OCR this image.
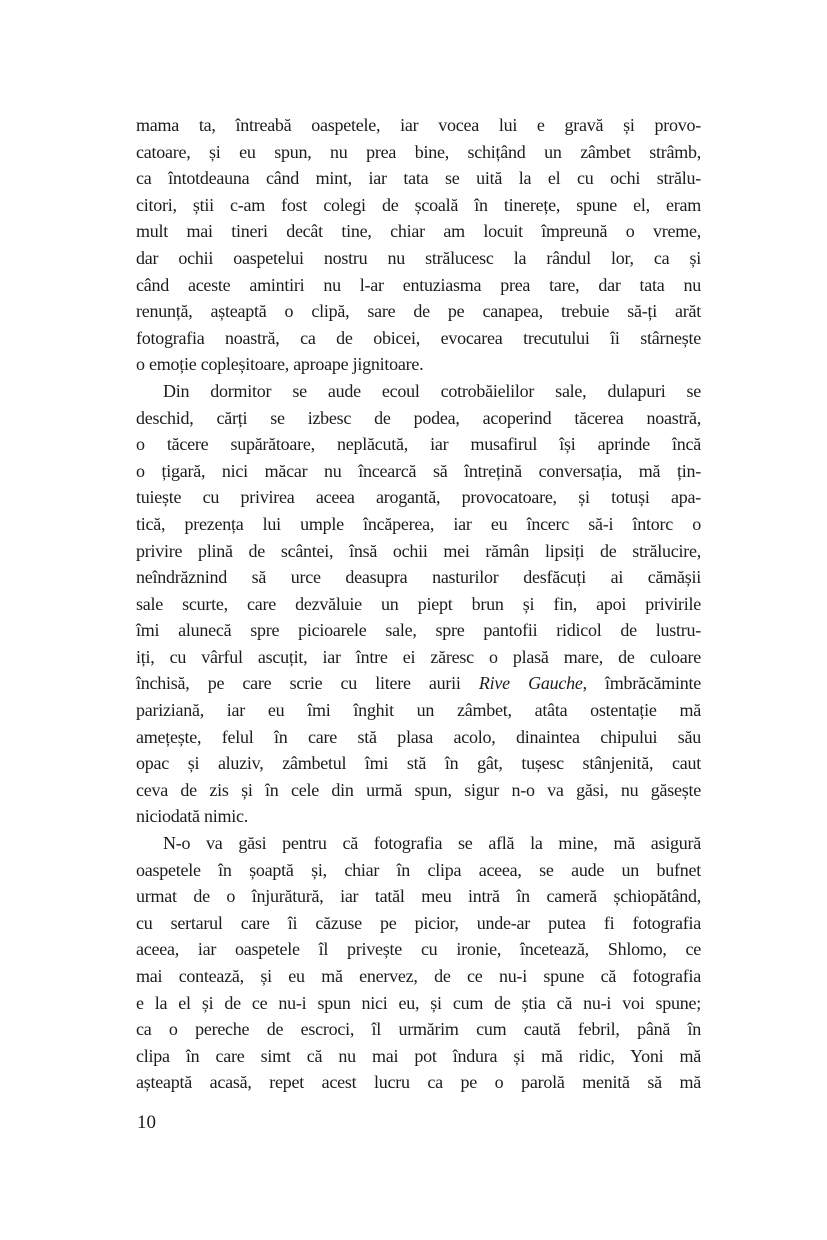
mama ta, întreabă oaspetele, iar vocea lui e gravă și provo-
catoare, și eu spun, nu prea bine, schițând un zâmbet strâmb,
ca întotdeauna când mint, iar tata se uită la el cu ochi strălu-
citori, știi c-am fost colegi de școală în tinerețe, spune el, eram
mult mai tineri decât tine, chiar am locuit împreună o vreme,
dar ochii oaspetelui nostru nu strălucesc la rândul lor, ca și
când aceste amintiri nu l-ar entuziasma prea tare, dar tata nu
renunță, așteaptă o clipă, sare de pe canapea, trebuie să-ți arăt
fotografia noastră, ca de obicei, evocarea trecutului îi stârnește
o emoție copleșitoare, aproape jignitoare.
Din dormitor se aude ecoul cotrobăielilor sale, dulapuri se
deschid, cărți se izbesc de podea, acoperind tăcerea noastră,
o tăcere supărătoare, neplăcută, iar musafirul își aprinde încă
o țigară, nici măcar nu încearcă să întrețină conversația, mă țin-
tuiește cu privirea aceea arogantă, provocatoare, și totuși apa-
tică, prezența lui umple încăperea, iar eu încerc să-i întorc o
privire plină de scântei, însă ochii mei rămân lipsiți de strălucire,
neîndrăznind să urce deasupra nasturilor desfăcuți ai cămășii
sale scurte, care dezvăluie un piept brun și fin, apoi privirile
îmi alunecă spre picioarele sale, spre pantofii ridicol de lustru-
iți, cu vârful ascuțit, iar între ei zăresc o plasă mare, de culoare
închisă, pe care scrie cu litere aurii Rive Gauche, îmbrăcăminte
pariziană, iar eu îmi înghit un zâmbet, atâta ostentație mă
amețește, felul în care stă plasa acolo, dinaintea chipului său
opac și aluziv, zâmbetul îmi stă în gât, tușesc stânjenită, caut
ceva de zis și în cele din urmă spun, sigur n-o va găsi, nu găsește
niciodată nimic.
N-o va găsi pentru că fotografia se află la mine, mă asigură
oaspetele în șoaptă și, chiar în clipa aceea, se aude un bufnet
urmat de o înjurătură, iar tatăl meu intră în cameră șchiopătând,
cu sertarul care îi căzuse pe picior, unde-ar putea fi fotografia
aceea, iar oaspetele îl privește cu ironie, încetează, Shlomo, ce
mai contează, și eu mă enervez, de ce nu-i spune că fotografia
e la el și de ce nu-i spun nici eu, și cum de știa că nu-i voi spune;
ca o pereche de escroci, îl urmărim cum caută febril, până în
clipa în care simt că nu mai pot îndura și mă ridic, Yoni mă
așteaptă acasă, repet acest lucru ca pe o parolă menită să mă
10
